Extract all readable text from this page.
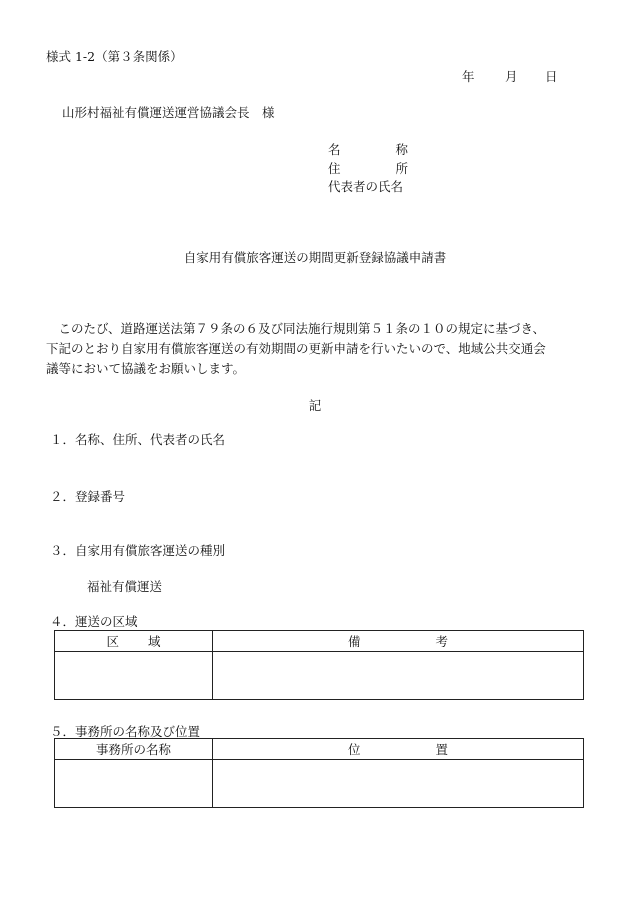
様式 1-2（第３条関係）
年 月 日
山形村福祉有償運送運営協議会長　様
名	称
住	所
代表者の氏名
自家用有償旅客運送の期間更新登録協議申請書

　このたび、道路運送法第７９条の６及び同法施行規則第５１条の１０の規定に基づき、

下記のとおり自家用有償旅客運送の有効期間の更新申請を行いたいので、地域公共交通会

議等において協議をお願いします。

記
１．名称、住所、代表者の氏名
２．登録番号
３．自家用有償旅客運送の種別
福祉有償運送
４．運送の区域
区 域	備 考

５．事務所の名称及び位置
事務所の名称	位 置
